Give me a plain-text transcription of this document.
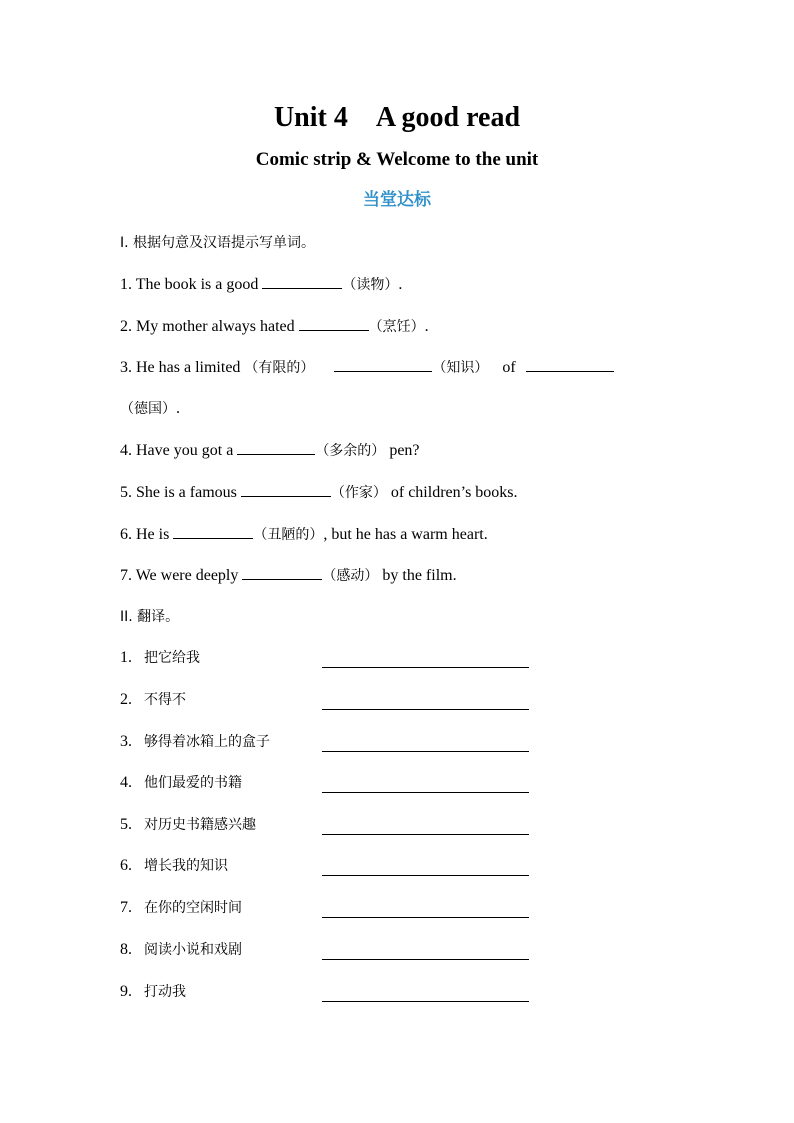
Unit 4 A good read
Comic strip & Welcome to the unit
当堂达标
I. 根据句意及汉语提示写单词。
1. The book is a good	（读物）.
2. My mother always hated	（烹饪）.
3. He has a limited （有限的）	（知识） of
（德国）.
4. Have you got a	（多余的） pen?
5. She is a famous	（作家） of children’s books.
6. He is	（丑陋的）, but he has a warm heart.
7. We were deeply	（感动） by the film.
II. 翻译。
1. 把它给我
2. 不得不
3. 够得着冰箱上的盒子
4. 他们最爱的书籍
5. 对历史书籍感兴趣
6. 增长我的知识
7. 在你的空闲时间
8. 阅读小说和戏剧
9. 打动我
